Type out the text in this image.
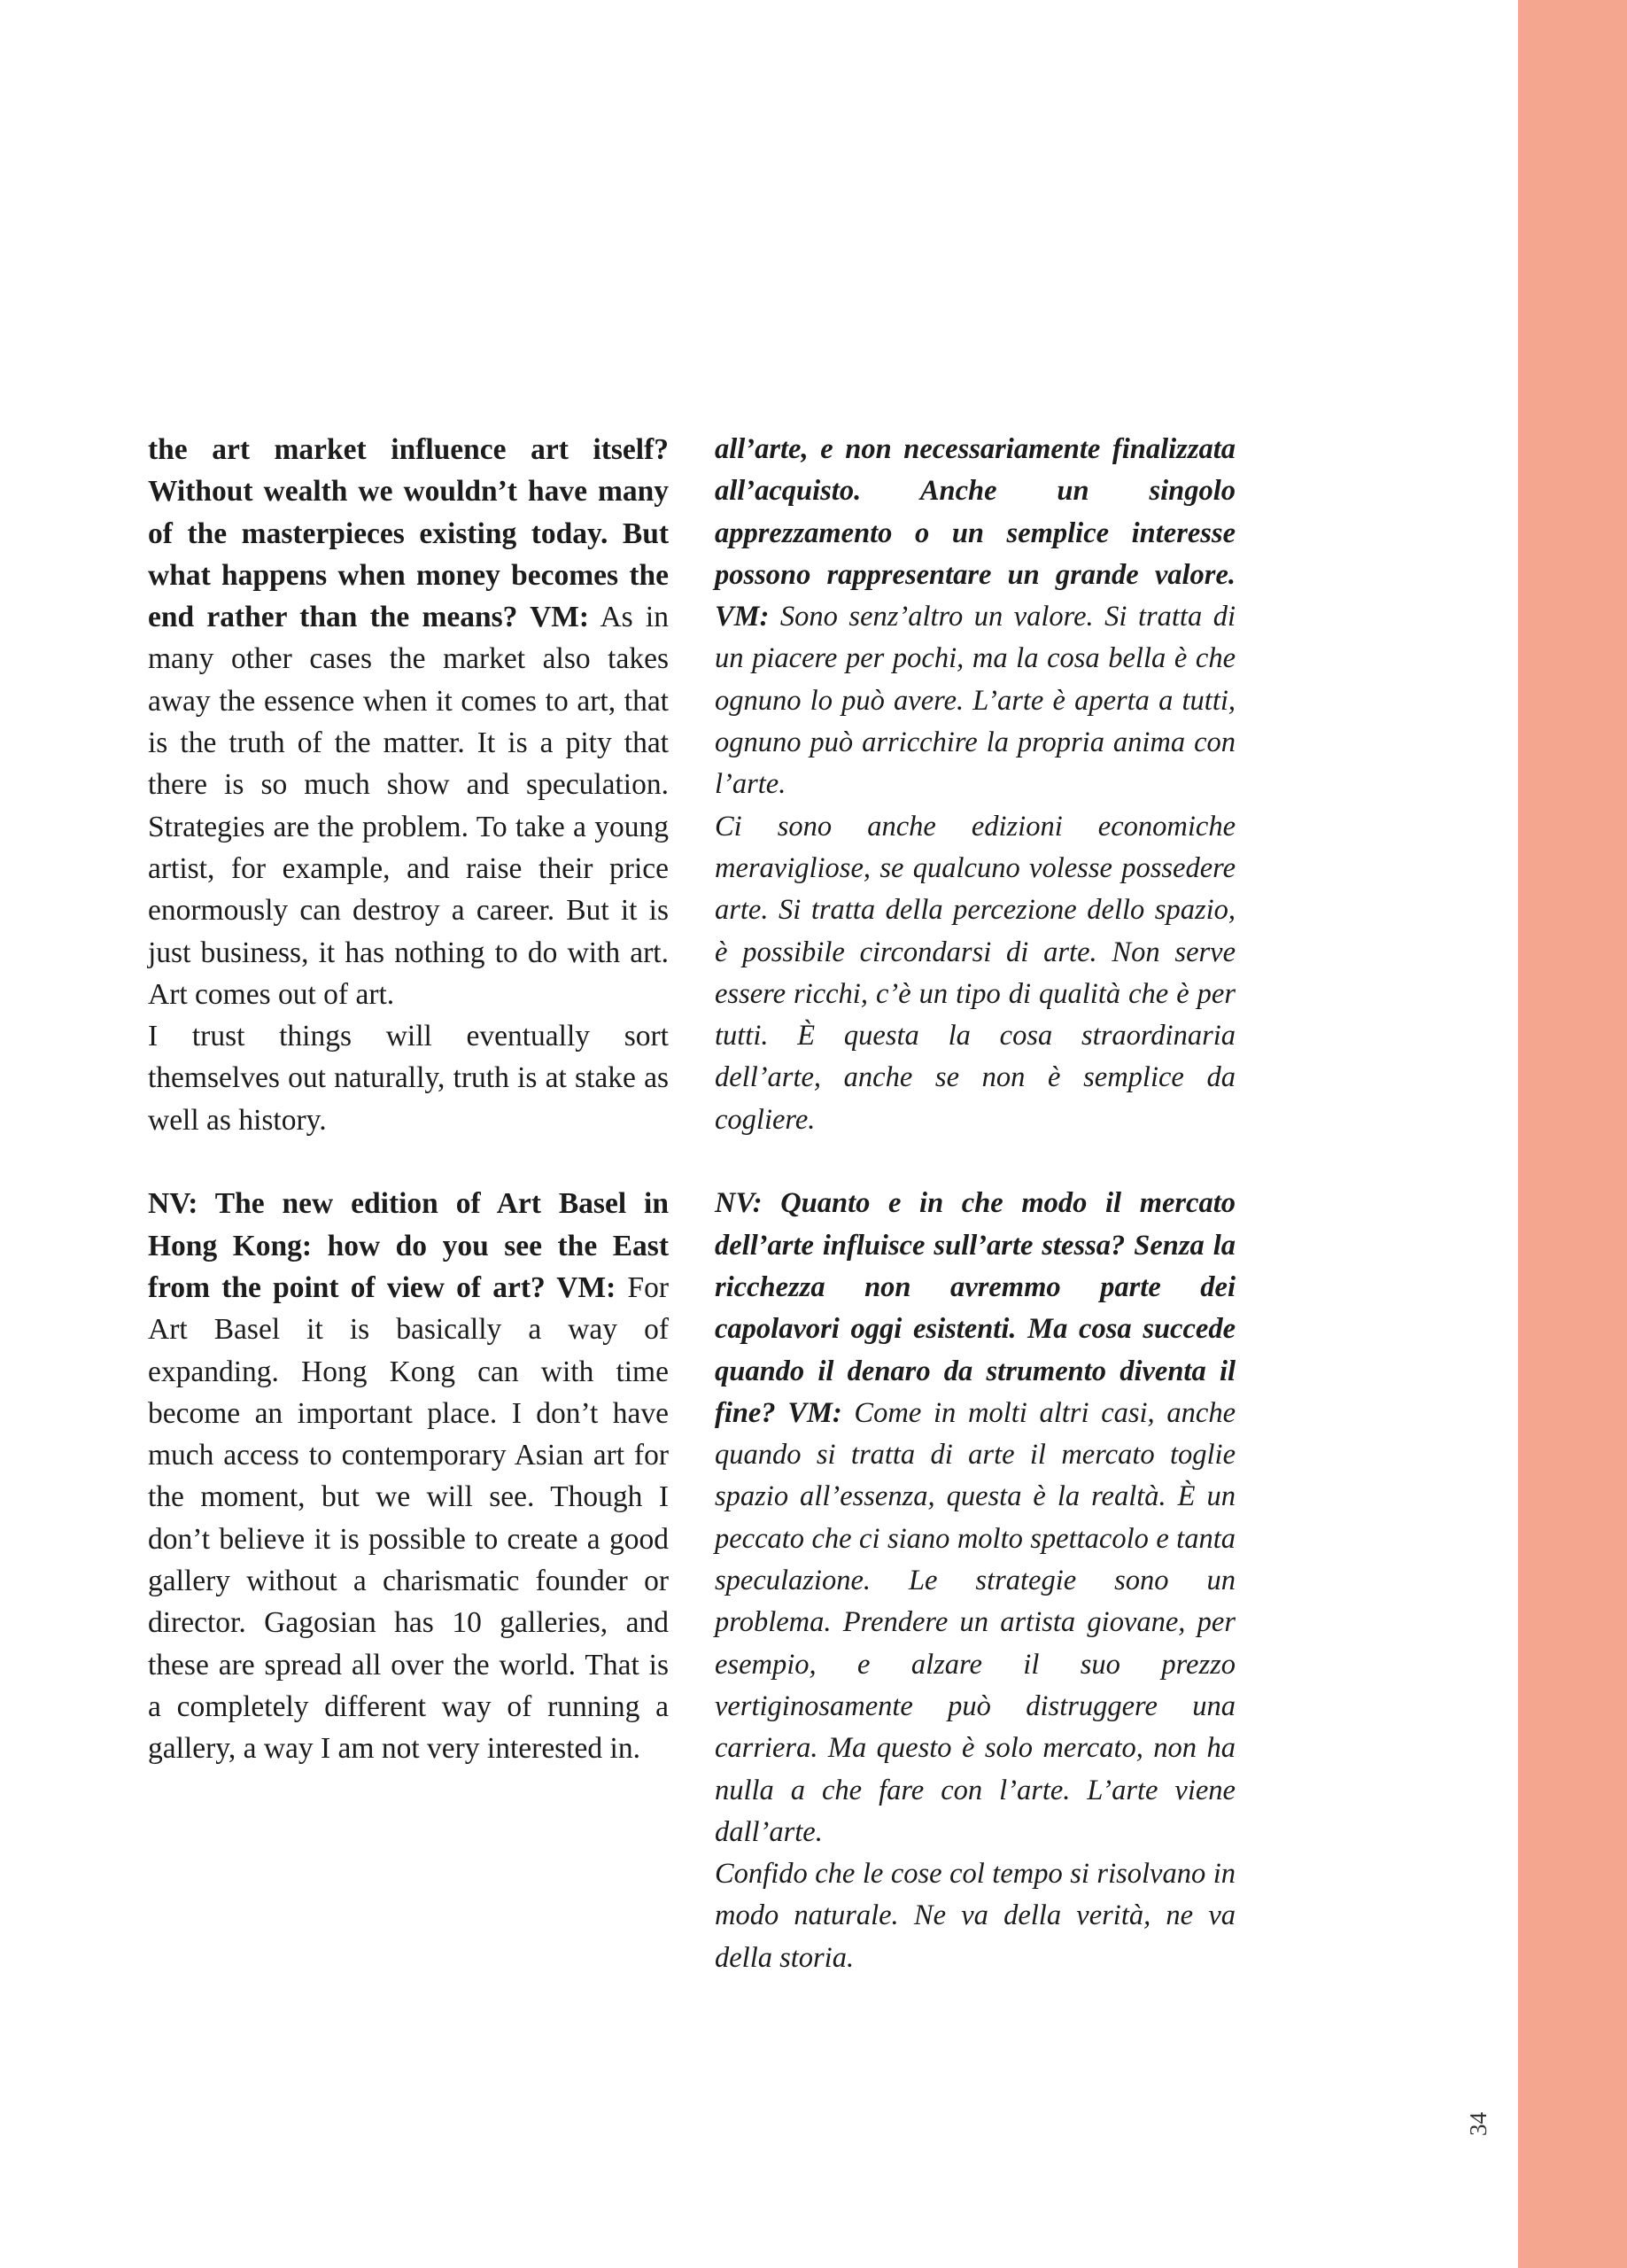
34

the art market influence art itself? Without wealth we wouldn’t have many of the masterpieces existing today. But what happens when money becomes the end rather than the means? VM: As in many other cases the market also takes away the essence when it comes to art, that is the truth of the matter. It is a pity that there is so much show and speculation. Strategies are the problem. To take a young artist, for example, and raise their price enormously can destroy a career. But it is just business, it has nothing to do with art. Art comes out of art.

I trust things will eventually sort themselves out naturally, truth is at stake as well as history.

NV: The new edition of Art Basel in Hong Kong: how do you see the East from the point of view of art? VM: For Art Basel it is basically a way of expanding. Hong Kong can with time become an important place. I don’t have much access to contemporary Asian art for the moment, but we will see. Though I don’t believe it is possible to create a good gallery without a charismatic founder or director. Gagosian has 10 galleries, and these are spread all over the world. That is a completely different way of running a gallery, a way I am not very interested in.

all’arte, e non necessariamente finalizzata all’acquisto. Anche un singolo apprezzamento o un semplice interesse possono rappresentare un grande valore. VM: Sono senz’altro un valore. Si tratta di un piacere per pochi, ma la cosa bella è che ognuno lo può avere. L’arte è aperta a tutti, ognuno può arricchire la propria anima con l’arte.

Ci sono anche edizioni economiche meravigliose, se qualcuno volesse possedere arte. Si tratta della percezione dello spazio, è possibile circondarsi di arte. Non serve essere ricchi, c’è un tipo di qualità che è per tutti. È questa la cosa straordinaria dell’arte, anche se non è semplice da cogliere.

NV: Quanto e in che modo il mercato dell’arte influisce sull’arte stessa? Senza la ricchezza non avremmo parte dei capolavori oggi esistenti. Ma cosa succede quando il denaro da strumento diventa il fine? VM: Come in molti altri casi, anche quando si tratta di arte il mercato toglie spazio all’essenza, questa è la realtà. È un peccato che ci siano molto spettacolo e tanta speculazione. Le strategie sono un problema. Prendere un artista giovane, per esempio, e alzare il suo prezzo vertiginosamente può distruggere una carriera. Ma questo è solo mercato, non ha nulla a che fare con l’arte. L’arte viene dall’arte.

Confido che le cose col tempo si risolvano in modo naturale. Ne va della verità, ne va della storia.
